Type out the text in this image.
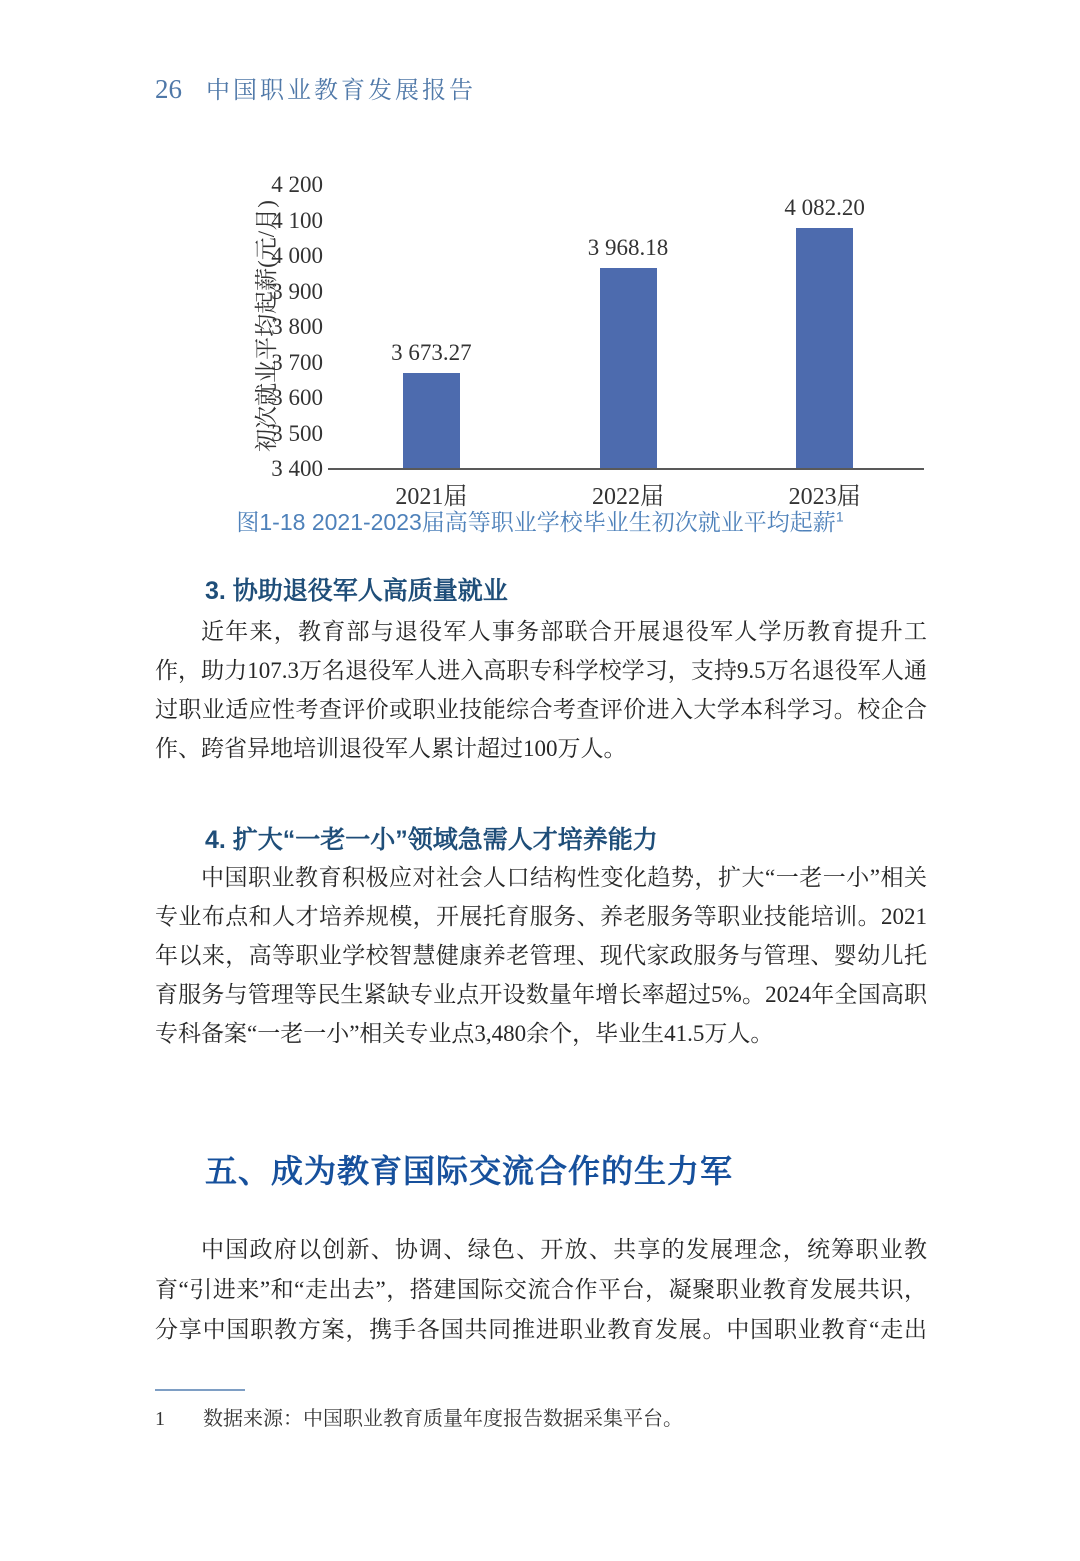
26 中国职业教育发展报告
初次就业平均起薪(元/月)
3 400
3 500
3 600
3 700
3 800
3 900
4 000
4 100
4 200
3 673.27
2021届
3 968.18
2022届
4 082.20
2023届
图1-18 2021-2023届高等职业学校毕业生初次就业平均起薪$^1$
3. 协助退役军人高质量就业

近年来，教育部与退役军人事务部联合开展退役军人学历教育提升工作，助力107.3万名退役军人进入高职专科学校学习，支持9.5万名退役军人通过职业适应性考查评价或职业技能综合考查评价进入大学本科学习。校企合作、跨省异地培训退役军人累计超过100万人。

4. 扩大“一老一小”领域急需人才培养能力

中国职业教育积极应对社会人口结构性变化趋势，扩大“一老一小”相关专业布点和人才培养规模，开展托育服务、养老服务等职业技能培训。2021年以来，高等职业学校智慧健康养老管理、现代家政服务与管理、婴幼儿托育服务与管理等民生紧缺专业点开设数量年增长率超过5%。2024年全国高职专科备案“一老一小”相关专业点3,480余个，毕业生41.5万人。

五、成为教育国际交流合作的生力军

中国政府以创新、协调、绿色、开放、共享的发展理念，统筹职业教育“引进来”和“走出去”，搭建国际交流合作平台，凝聚职业教育发展共识，分享中国职教方案，携手各国共同推进职业教育发展。中国职业教育“走出

1 数据来源：中国职业教育质量年度报告数据采集平台。
